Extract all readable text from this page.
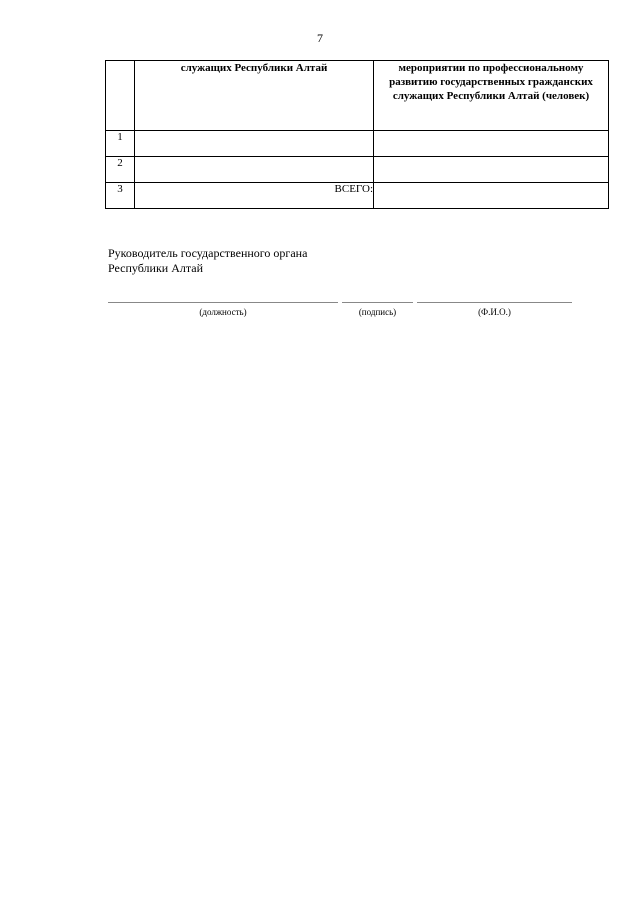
7
	служащих Республики Алтай	мероприятии по профессиональному развитию государственных гражданских служащих Республики Алтай (человек)
1		
2		
3	ВСЕГО:	
Руководитель государственного органа
Республики Алтай
(должность)	(подпись)	(Ф.И.О.)
